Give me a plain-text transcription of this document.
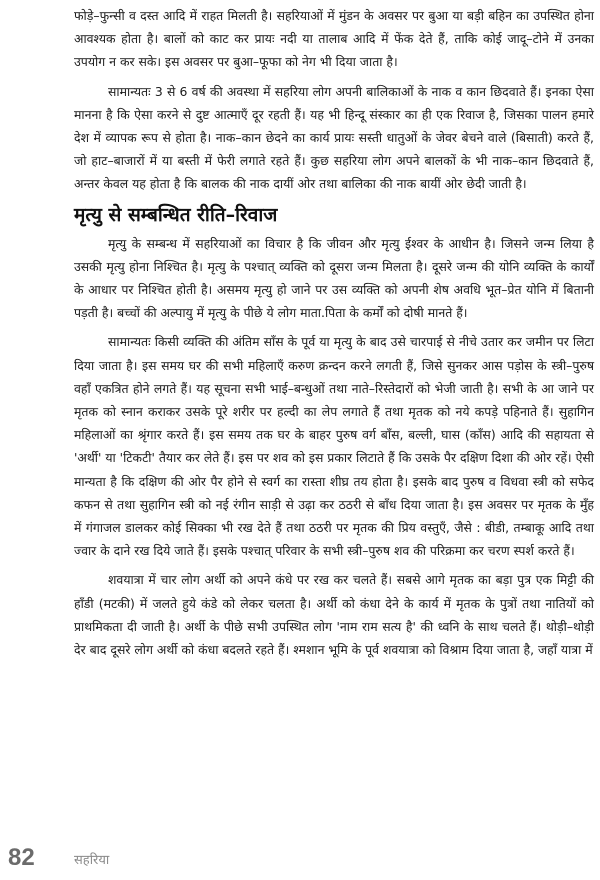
फोड़े–फुन्सी व दस्त आदि में राहत मिलती है। सहरियाओं में मुंडन के अवसर पर बुआ या बड़ी बहिन का उपस्थित होना आवश्यक होता है। बालों को काट कर प्रायः नदी या तालाब आदि में फेंक देते हैं, ताकि कोई जादू–टोने में उनका उपयोग न कर सके। इस अवसर पर बुआ–फूफा को नेग भी दिया जाता है।

सामान्यतः 3 से 6 वर्ष की अवस्था में सहरिया लोग अपनी बालिकाओं के नाक व कान छिदवाते हैं। इनका ऐसा मानना है कि ऐसा करने से दुष्ट आत्माएँ दूर रहती हैं। यह भी हिन्दू संस्कार का ही एक रिवाज है, जिसका पालन हमारे देश में व्यापक रूप से होता है। नाक–कान छेदने का कार्य प्रायः सस्ती धातुओं के जेवर बेचने वाले (बिसाती) करते हैं, जो हाट–बाजारों में या बस्ती में फेरी लगाते रहते हैं। कुछ सहरिया लोग अपने बालकों के भी नाक–कान छिदवाते हैं, अन्तर केवल यह होता है कि बालक की नाक दायीं ओर तथा बालिका की नाक बायीं ओर छेदी जाती है।

मृत्यु से सम्बन्धित रीति–रिवाज

मृत्यु के सम्बन्ध में सहरियाओं का विचार है कि जीवन और मृत्यु ईश्वर के आधीन है। जिसने जन्म लिया है उसकी मृत्यु होना निश्चित है। मृत्यु के पश्चात् व्यक्ति को दूसरा जन्म मिलता है। दूसरे जन्म की योनि व्यक्ति के कार्यों के आधार पर निश्चित होती है। असमय मृत्यु हो जाने पर उस व्यक्ति को अपनी शेष अवधि भूत–प्रेत योनि में बितानी पड़ती है। बच्चों की अल्पायु में मृत्यु के पीछे ये लोग माता.पिता के कर्मों को दोषी मानते हैं।

सामान्यतः किसी व्यक्ति की अंतिम साँस के पूर्व या मृत्यु के बाद उसे चारपाई से नीचे उतार कर जमीन पर लिटा दिया जाता है। इस समय घर की सभी महिलाएँ करुण क्रन्दन करने लगती हैं, जिसे सुनकर आस पड़ोस के स्त्री–पुरुष वहाँ एकत्रित होने लगते हैं। यह सूचना सभी भाई–बन्धुओं तथा नाते–रिस्तेदारों को भेजी जाती है। सभी के आ जाने पर मृतक को स्नान कराकर उसके पूरे शरीर पर हल्दी का लेप लगाते हैं तथा मृतक को नये कपड़े पहिनाते हैं। सुहागिन महिलाओं का श्रृंगार करते हैं। इस समय तक घर के बाहर पुरुष वर्ग बाँस, बल्ली, घास (काँस) आदि की सहायता से 'अर्थी' या 'टिकटी' तैयार कर लेते हैं। इस पर शव को इस प्रकार लिटाते हैं कि उसके पैर दक्षिण दिशा की ओर रहें। ऐसी मान्यता है कि दक्षिण की ओर पैर होने से स्वर्ग का रास्ता शीघ्र तय होता है। इसके बाद पुरुष व विधवा स्त्री को सफेद कफन से तथा सुहागिन स्त्री को नई रंगीन साड़ी से उढ़ा कर ठठरी से बाँध दिया जाता है। इस अवसर पर मृतक के मुँह में गंगाजल डालकर कोई सिक्का भी रख देते हैं तथा ठठरी पर मृतक की प्रिय वस्तुएँ, जैसे : बीडी, तम्बाकू आदि तथा ज्वार के दाने रख दिये जाते हैं। इसके पश्चात् परिवार के सभी स्त्री–पुरुष शव की परिक्रमा कर चरण स्पर्श करते हैं।

शवयात्रा में चार लोग अर्थी को अपने कंधे पर रख कर चलते हैं। सबसे आगे मृतक का बड़ा पुत्र एक मिट्टी की हाँडी (मटकी) में जलते हुये कंडे को लेकर चलता है। अर्थी को कंधा देने के कार्य में मृतक के पुत्रों तथा नातियों को प्राथमिकता दी जाती है। अर्थी के पीछे सभी उपस्थित लोग 'नाम राम सत्य है' की ध्वनि के साथ चलते हैं। थोड़ी–थोड़ी देर बाद दूसरे लोग अर्थी को कंधा बदलते रहते हैं। श्मशान भूमि के पूर्व शवयात्रा को विश्राम दिया जाता है, जहाँ यात्रा में

82	सहरिया
